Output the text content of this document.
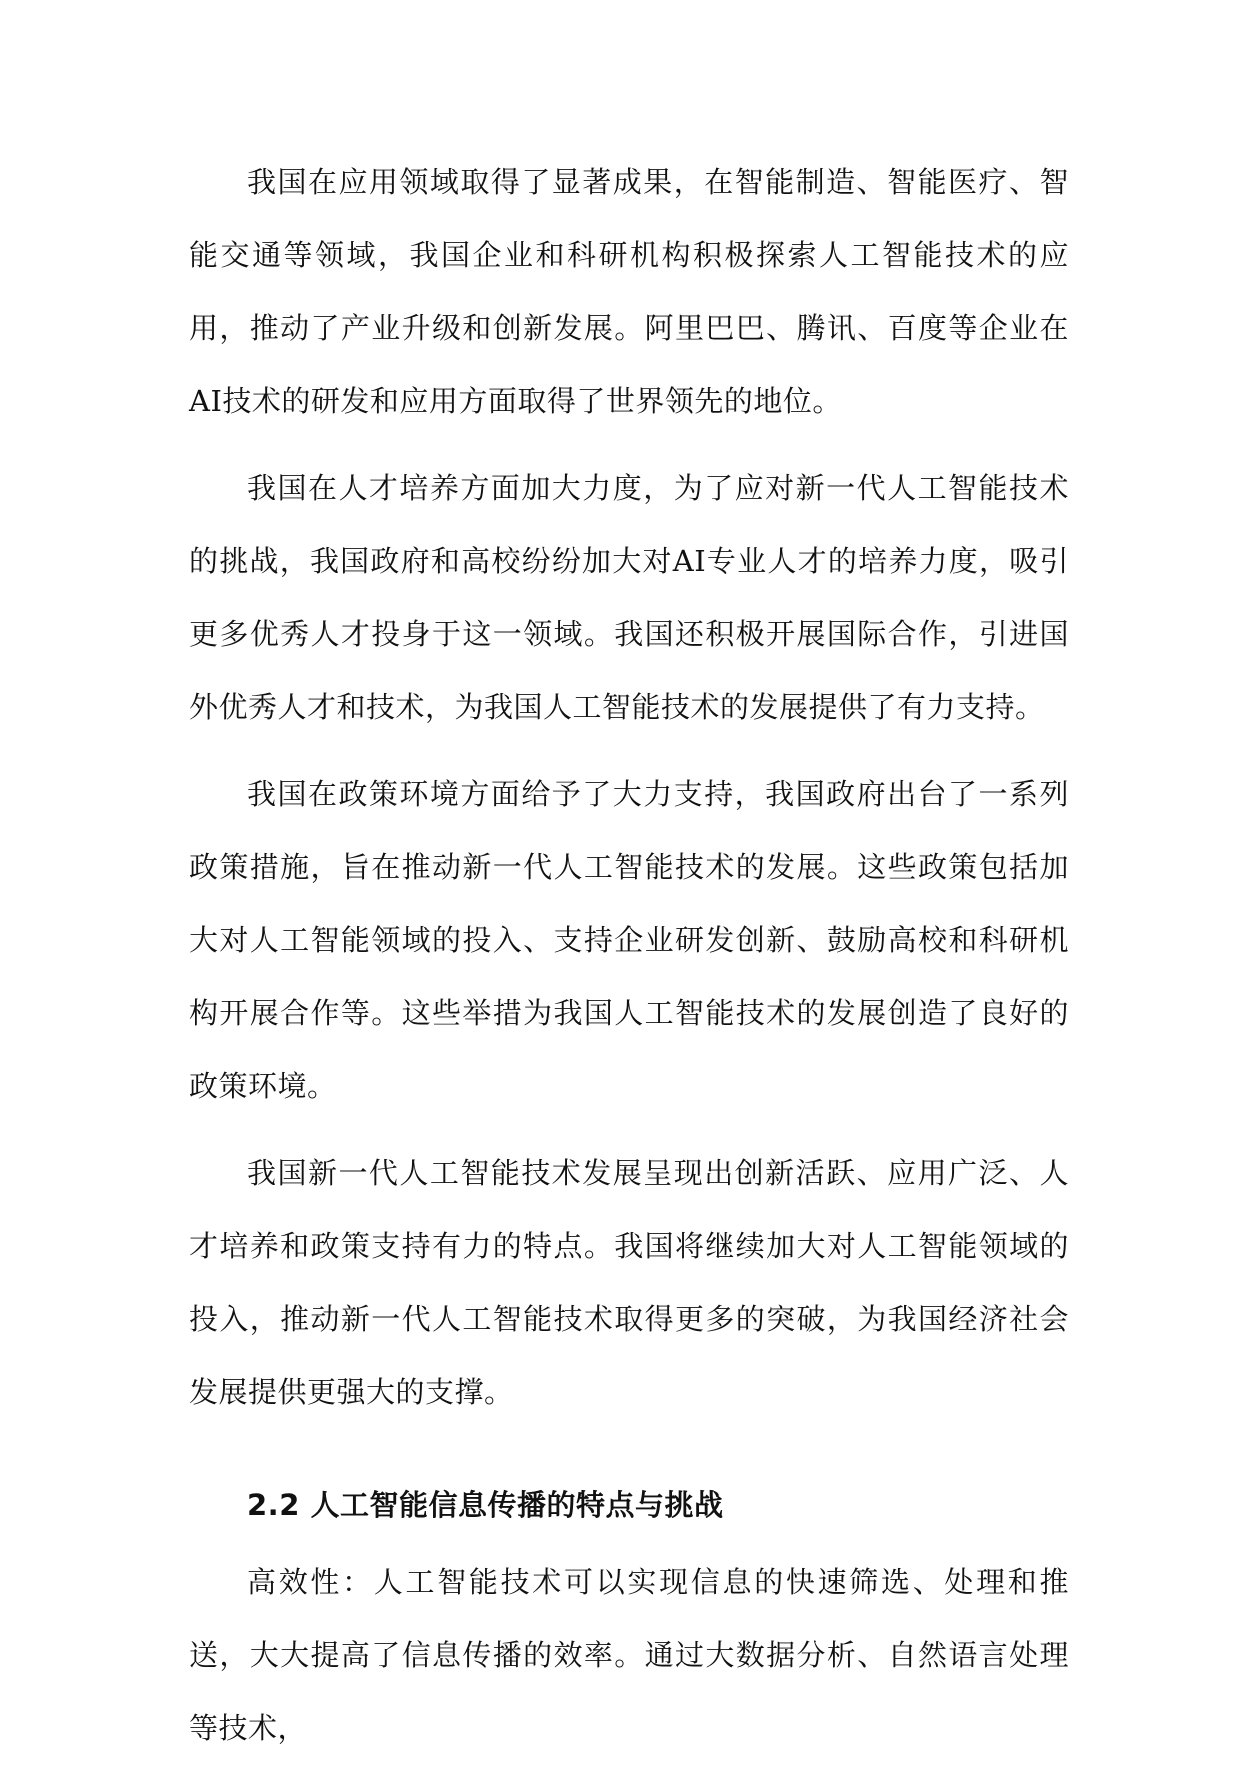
我国在应用领域取得了显著成果，在智能制造、智能医疗、智能交通等领域，我国企业和科研机构积极探索人工智能技术的应用，推动了产业升级和创新发展。阿里巴巴、腾讯、百度等企业在AI技术的研发和应用方面取得了世界领先的地位。

我国在人才培养方面加大力度，为了应对新一代人工智能技术的挑战，我国政府和高校纷纷加大对AI专业人才的培养力度，吸引更多优秀人才投身于这一领域。我国还积极开展国际合作，引进国外优秀人才和技术，为我国人工智能技术的发展提供了有力支持。

我国在政策环境方面给予了大力支持，我国政府出台了一系列政策措施，旨在推动新一代人工智能技术的发展。这些政策包括加大对人工智能领域的投入、支持企业研发创新、鼓励高校和科研机构开展合作等。这些举措为我国人工智能技术的发展创造了良好的政策环境。

我国新一代人工智能技术发展呈现出创新活跃、应用广泛、人才培养和政策支持有力的特点。我国将继续加大对人工智能领域的投入，推动新一代人工智能技术取得更多的突破，为我国经济社会发展提供更强大的支撑。

2.2 人工智能信息传播的特点与挑战

高效性：人工智能技术可以实现信息的快速筛选、处理和推送，大大提高了信息传播的效率。通过大数据分析、自然语言处理等技术，
